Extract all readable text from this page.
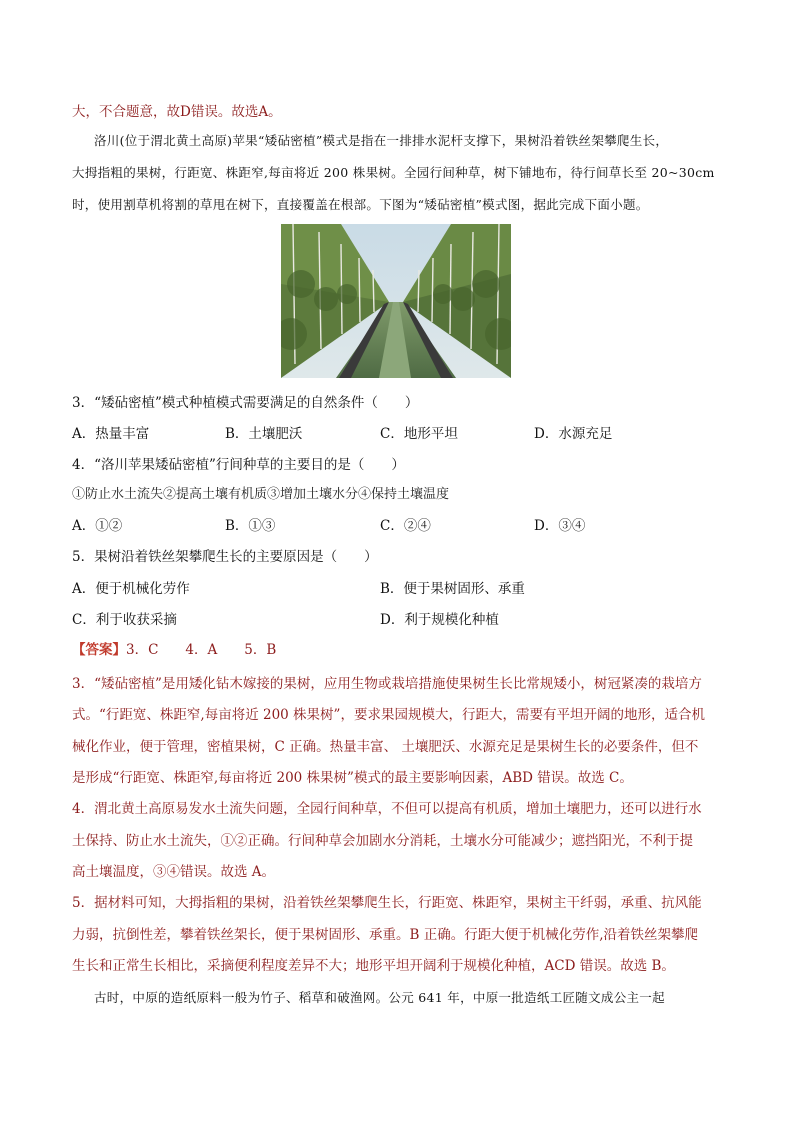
大，不合题意，故D错误。故选A。
洛川(位于渭北黄土高原)苹果“矮砧密植”模式是指在一排排水泥杆支撑下，果树沿着铁丝架攀爬生长，
大拇指粗的果树，行距宽、株距窄,每亩将近 200 株果树。全园行间种草，树下铺地布，待行间草长至 20~30cm
时，使用割草机将割的草甩在树下，直接覆盖在根部。下图为“矮砧密植”模式图，据此完成下面小题。
3．“矮砧密植”模式种植模式需要满足的自然条件（　　）
A．热量丰富	B．土壤肥沃	C．地形平坦	D．水源充足
4．“洛川苹果矮砧密植”行间种草的主要目的是（　　）
①防止水土流失②提高土壤有机质③增加土壤水分④保持土壤温度
A．①②	B．①③	C．②④	D．③④
5．果树沿着铁丝架攀爬生长的主要原因是（　　）
A．便于机械化劳作	B．便于果树固形、承重
C．利于收获采摘	D．利于规模化种植
【答案】3．C　　4．A　　5．B
3．“矮砧密植”是用矮化钻木嫁接的果树，应用生物或栽培措施使果树生长比常规矮小，树冠紧凑的栽培方
式。“行距宽、株距窄,每亩将近 200 株果树”，要求果园规模大，行距大，需要有平坦开阔的地形，适合机
械化作业，便于管理，密植果树，C 正确。热量丰富、 土壤肥沃、水源充足是果树生长的必要条件，但不
是形成“行距宽、株距窄,每亩将近 200 株果树”模式的最主要影响因素，ABD 错误。故选 C。
4．渭北黄土高原易发水土流失问题，全园行间种草，不但可以提高有机质，增加土壤肥力，还可以进行水
土保持、防止水土流失，①②正确。行间种草会加剧水分消耗，土壤水分可能减少；遮挡阳光，不利于提
高土壤温度，③④错误。故选 A。
5．据材料可知，大拇指粗的果树，沿着铁丝架攀爬生长，行距宽、株距窄，果树主干纤弱，承重、抗风能
力弱，抗倒性差，攀着铁丝架长，便于果树固形、承重。B 正确。行距大便于机械化劳作,沿着铁丝架攀爬
生长和正常生长相比，采摘便利程度差异不大；地形平坦开阔利于规模化种植，ACD 错误。故选 B。
古时，中原的造纸原料一般为竹子、稻草和破渔网。公元 641 年，中原一批造纸工匠随文成公主一起
